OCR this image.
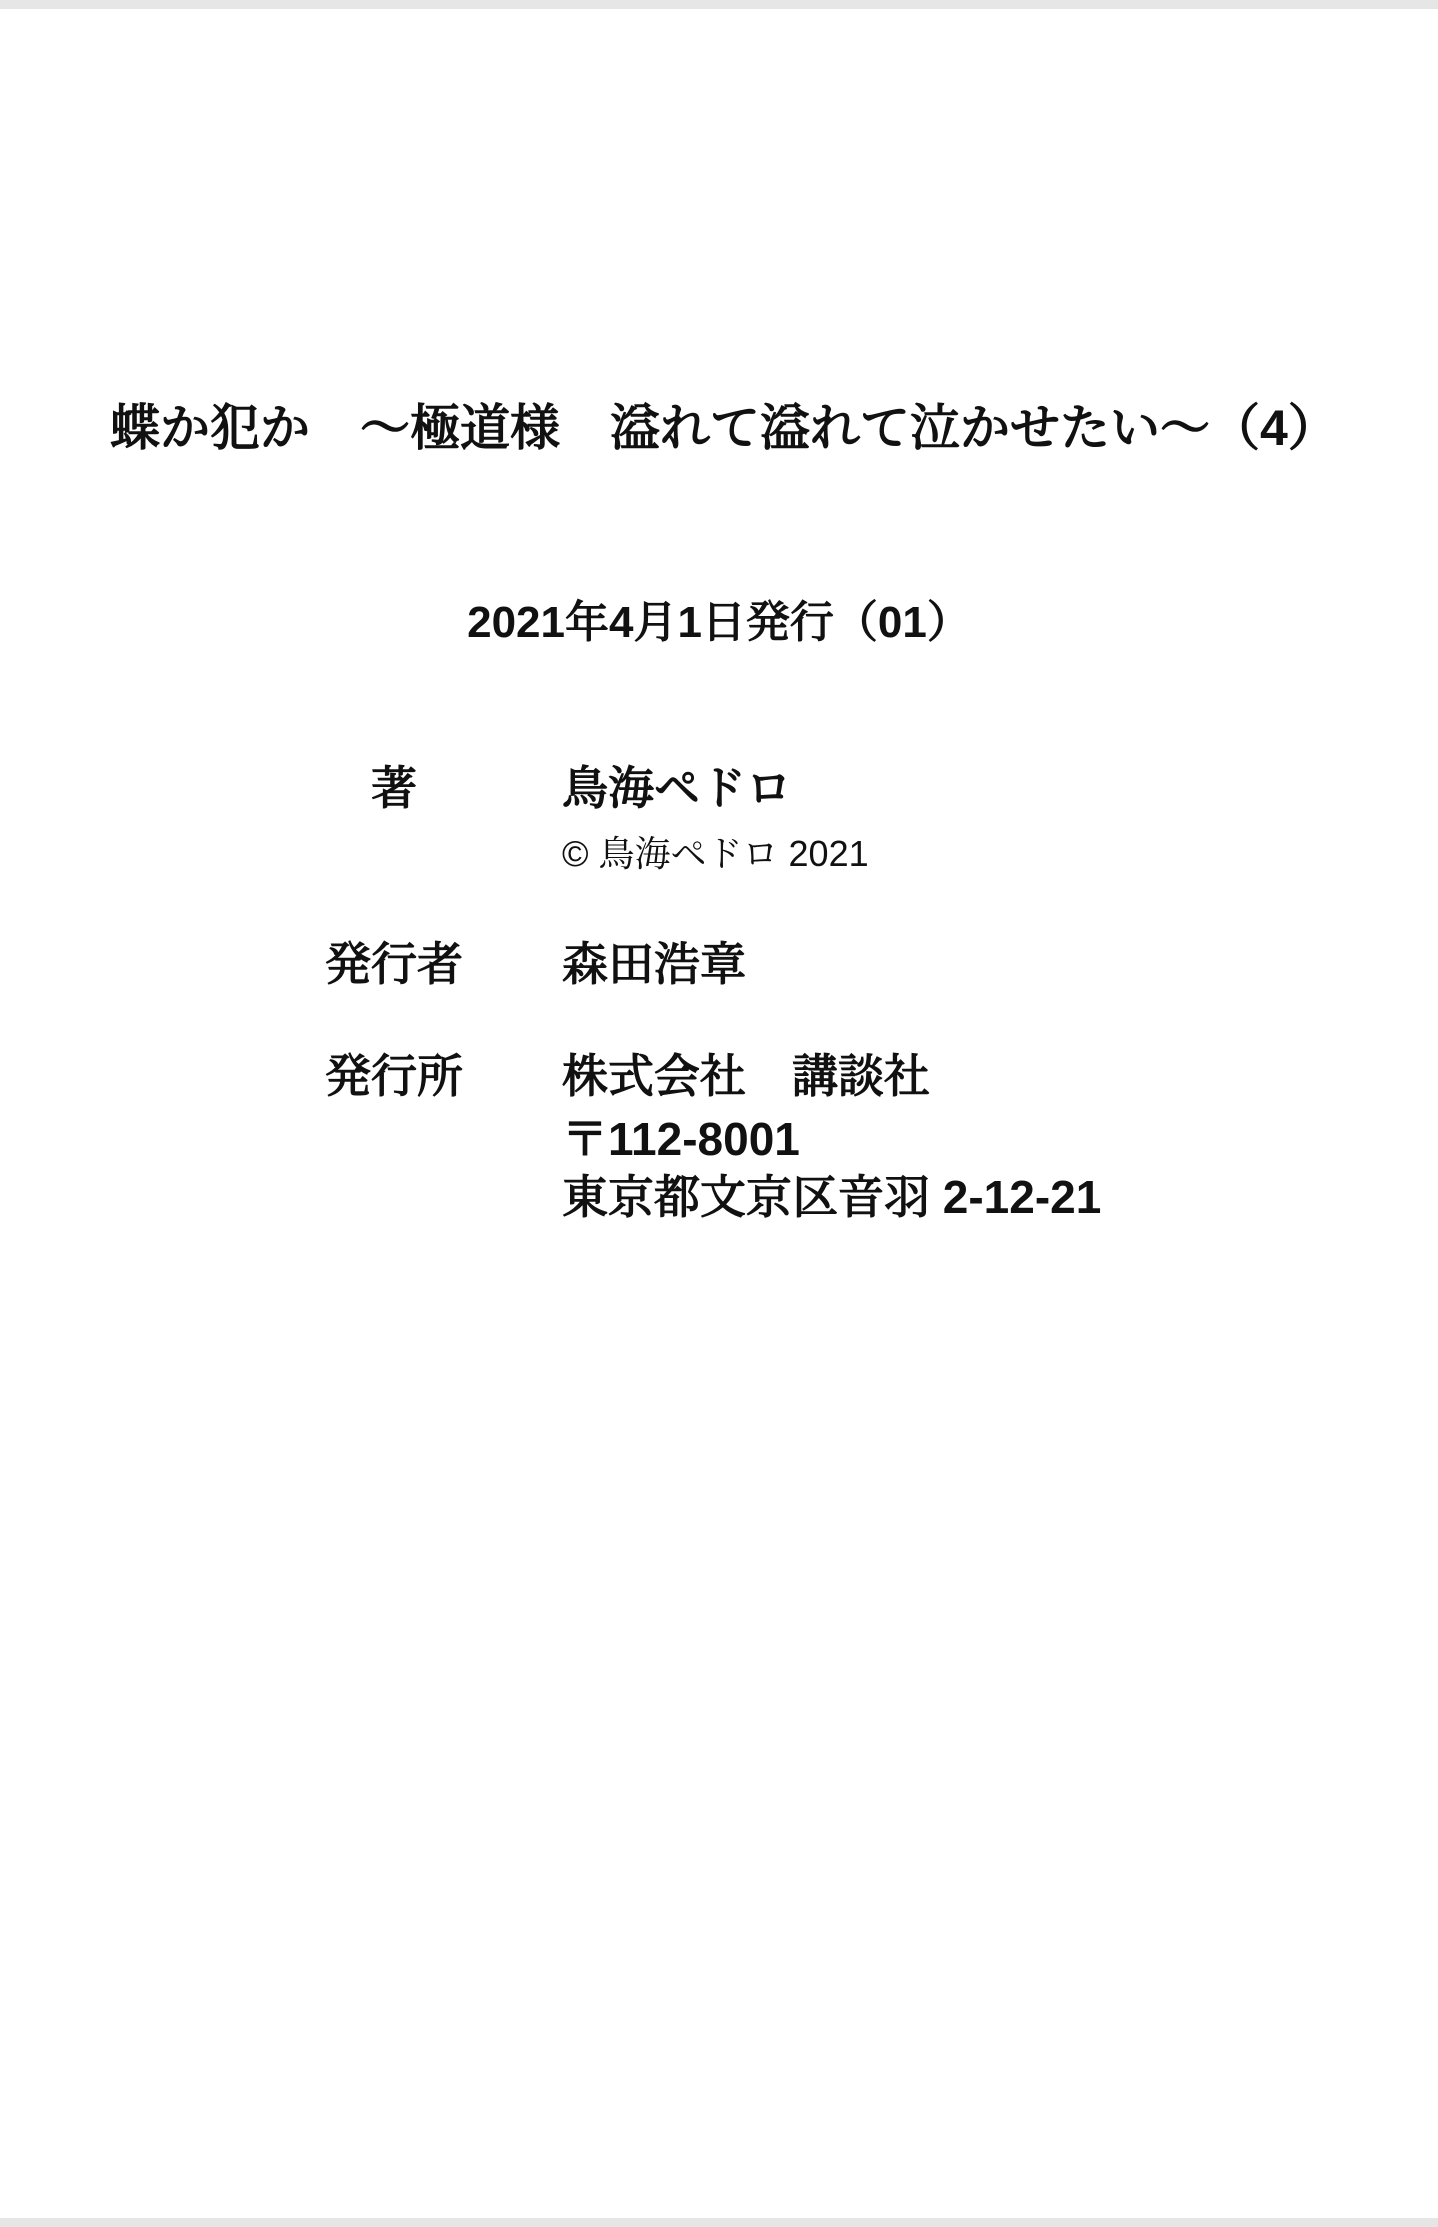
蝶か犯か　～極道様　溢れて溢れて泣かせたい～（4）
2021年4月1日発行（01）
著	鳥海ペドロ
© 鳥海ペドロ 2021
発行者 森田浩章
発行所 株式会社　講談社
〒112-8001
東京都文京区音羽 2-12-21
